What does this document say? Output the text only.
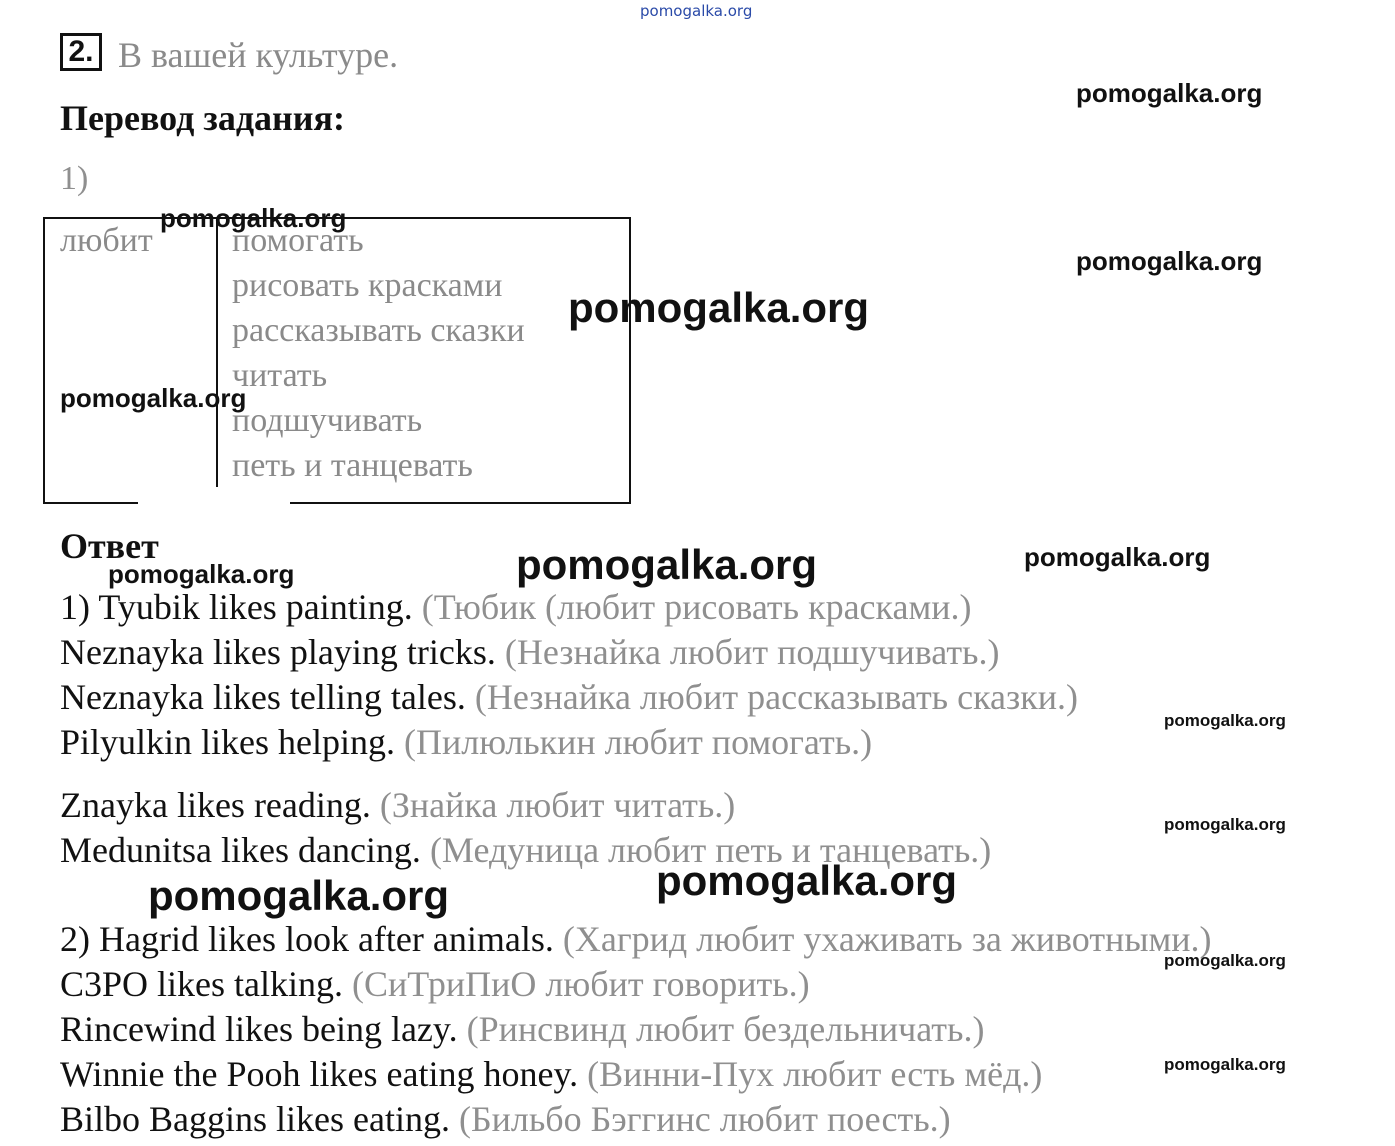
pomogalka.org
2. В вашей культуре.
Перевод задания:
1)
любит помогать
рисовать красками
рассказывать сказки
читать
подшучивать
петь и танцевать
Ответ
1) Tyubik likes painting. (Тюбик (любит рисовать красками.)
Neznayka likes playing tricks. (Незнайка любит подшучивать.)
Neznayka likes telling tales. (Незнайка любит рассказывать сказки.)
Pilyulkin likes helping. (Пилюлькин любит помогать.)
Znayka likes reading. (Знайка любит читать.)
Medunitsa likes dancing. (Медуница любит петь и танцевать.)
2) Hagrid likes look after animals. (Хагрид любит ухаживать за животными.)
C3PO likes talking. (СиТриПиО любит говорить.)
Rincewind likes being lazy. (Ринсвинд любит бездельничать.)
Winnie the Pooh likes eating honey. (Винни-Пух любит есть мёд.)
Bilbo Baggins likes eating. (Бильбо Бэггинс любит поесть.)
pomogalka.org
pomogalka.org
pomogalka.org
pomogalka.org
pomogalka.org
pomogalka.org	pomogalka.org
pomogalka.org
pomogalka.org
pomogalka.org
pomogalka.org
pomogalka.org
pomogalka.org
pomogalka.org
